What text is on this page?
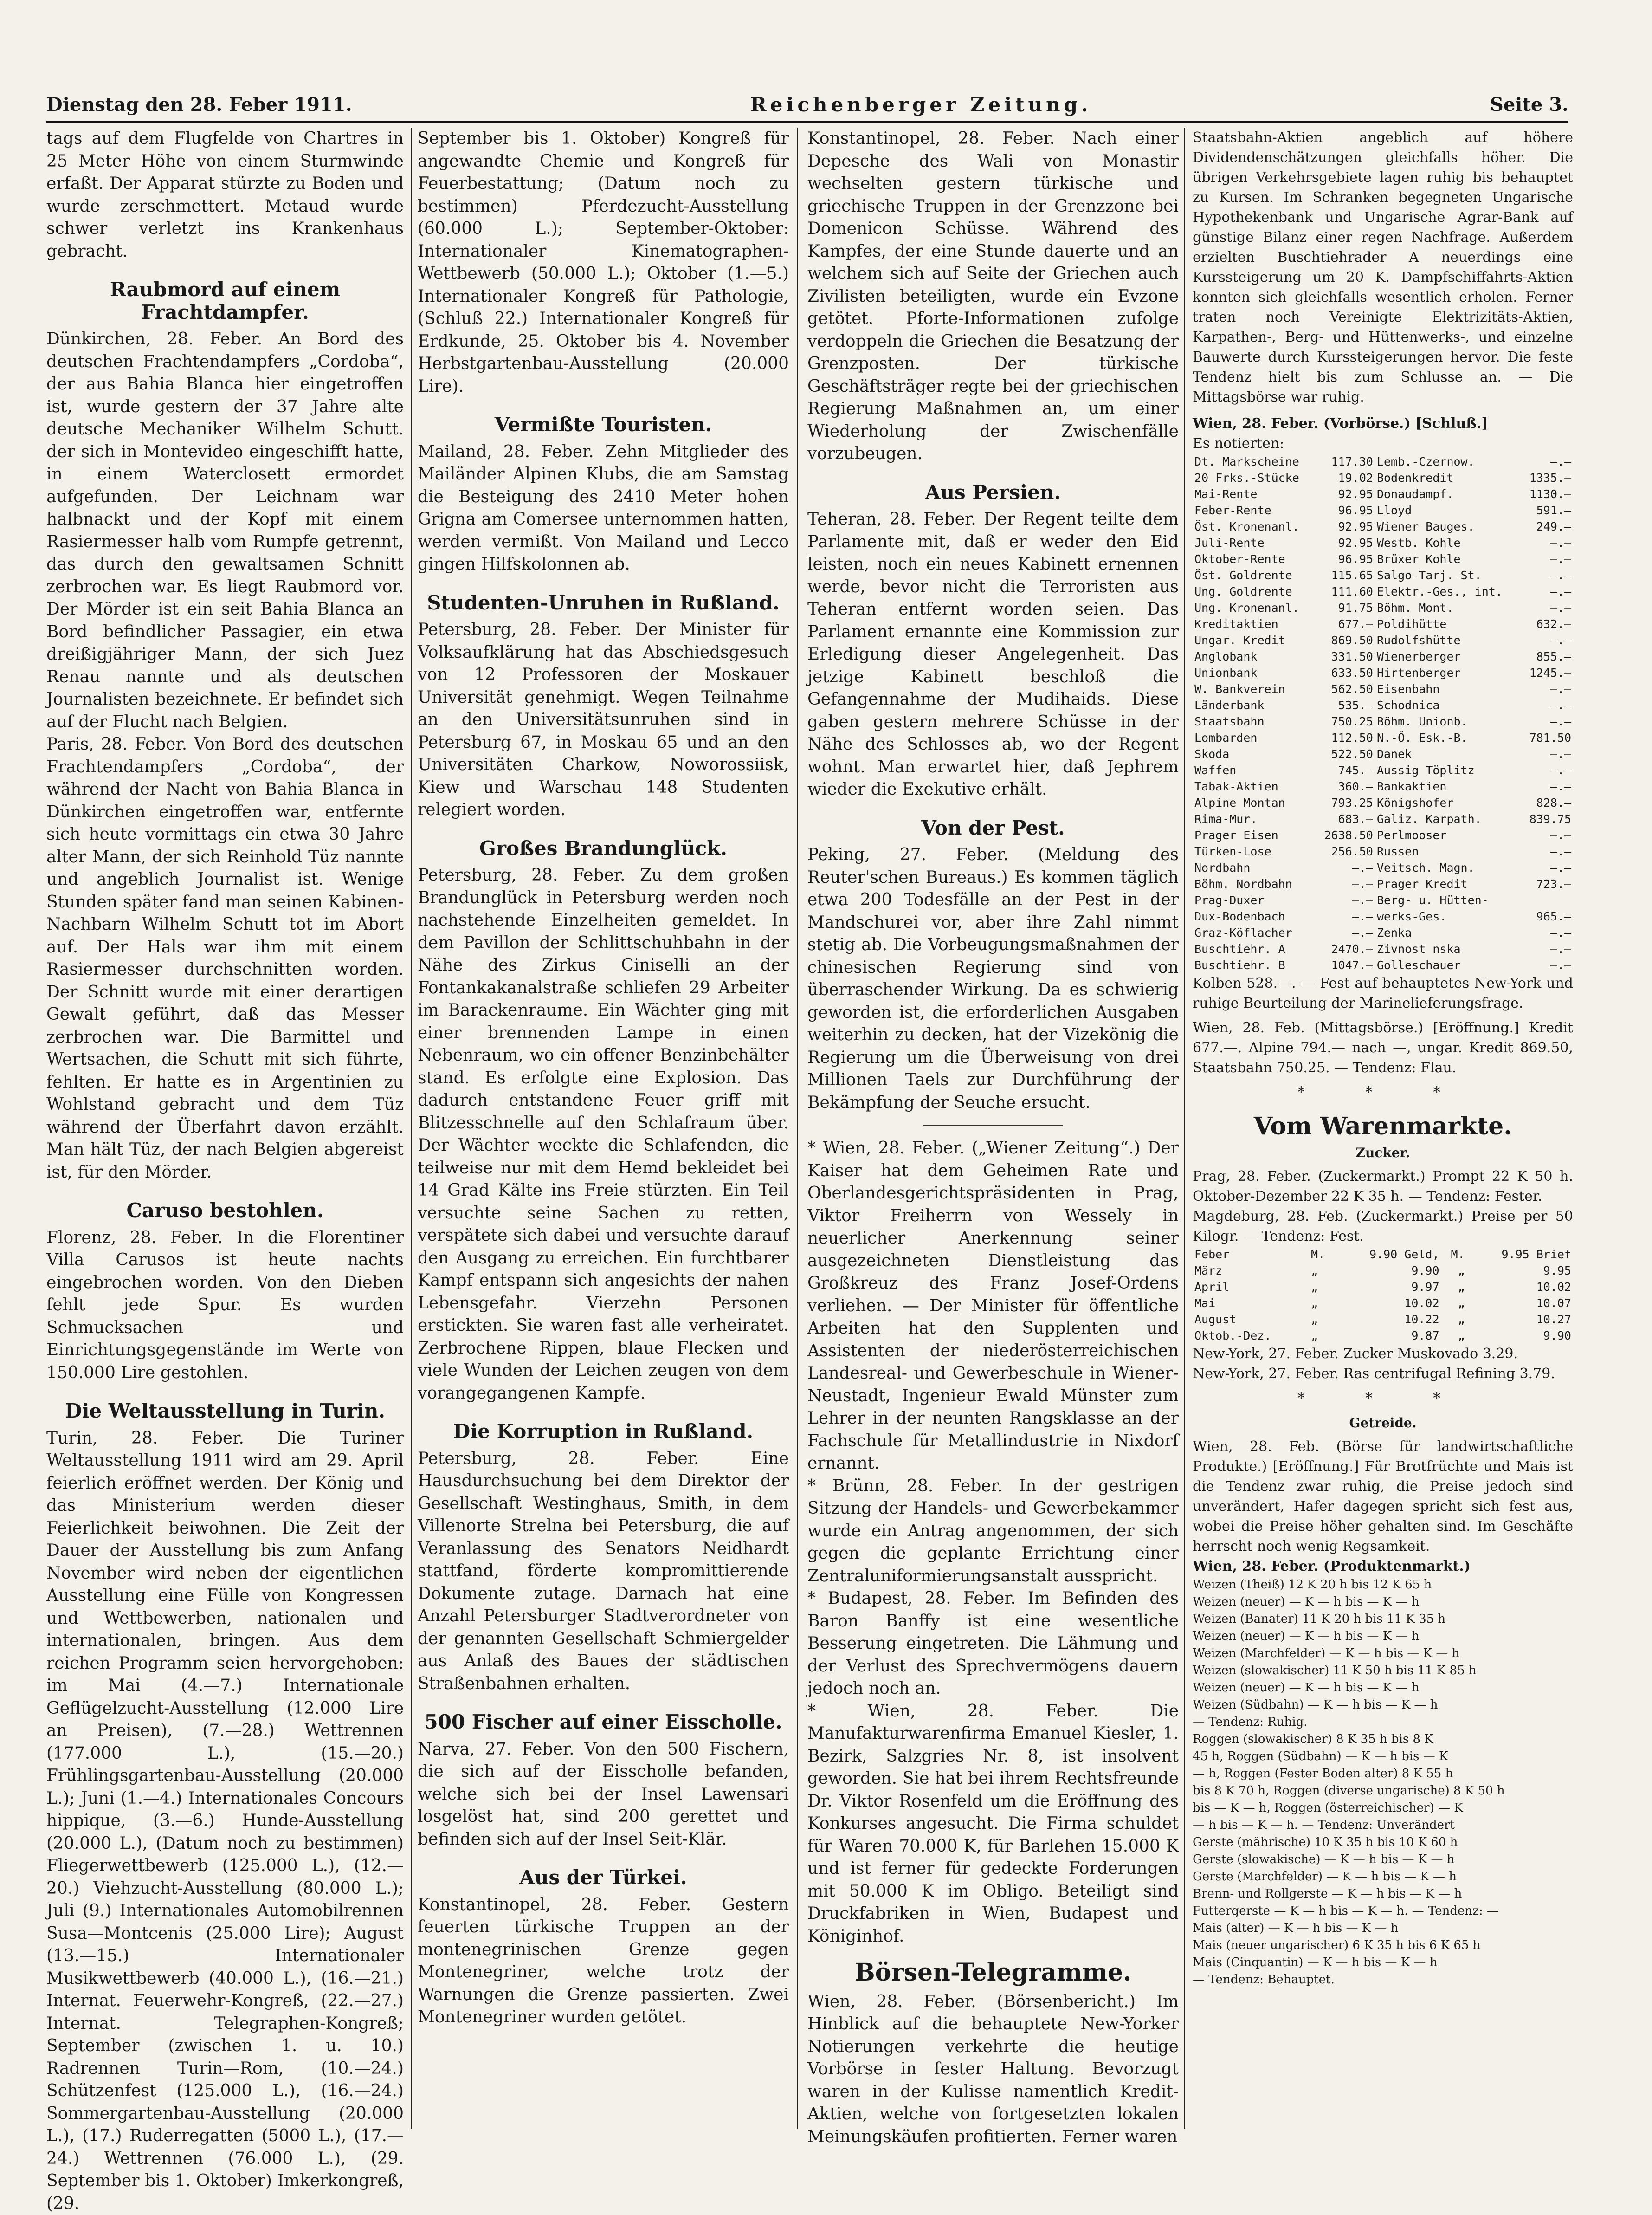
Dienstag den 28. Feber 1911.	Reichenberger Zeitung.	Seite 3.

tags auf dem Flugfelde von Chartres in 25 Meter Höhe von einem Sturmwinde erfaßt. Der Apparat stürzte zu Boden und wurde zerschmettert. Metaud wurde schwer verletzt ins Krankenhaus gebracht.

Raubmord auf einem Frachtdampfer.

Dünkirchen, 28. Feber. An Bord des deutschen Frachtendampfers „Cordoba“, der aus Bahia Blanca hier eingetroffen ist, wurde gestern der 37 Jahre alte deutsche Mechaniker Wilhelm Schutt. der sich in Montevideo eingeschifft hatte, in einem Waterclosett ermordet aufgefunden. Der Leichnam war halbnackt und der Kopf mit einem Rasiermesser halb vom Rumpfe getrennt, das durch den gewaltsamen Schnitt zerbrochen war. Es liegt Raubmord vor. Der Mörder ist ein seit Bahia Blanca an Bord befindlicher Passagier, ein etwa dreißigjähriger Mann, der sich Juez Renau nannte und als deutschen Journalisten bezeichnete. Er befindet sich auf der Flucht nach Belgien.

Paris, 28. Feber. Von Bord des deutschen Frachtendampfers „Cordoba“, der während der Nacht von Bahia Blanca in Dünkirchen eingetroffen war, entfernte sich heute vormittags ein etwa 30 Jahre alter Mann, der sich Reinhold Tüz nannte und angeblich Journalist ist. Wenige Stunden später fand man seinen Kabinen-Nachbarn Wilhelm Schutt tot im Abort auf. Der Hals war ihm mit einem Rasiermesser durchschnitten worden. Der Schnitt wurde mit einer derartigen Gewalt geführt, daß das Messer zerbrochen war. Die Barmittel und Wertsachen, die Schutt mit sich führte, fehlten. Er hatte es in Argentinien zu Wohlstand gebracht und dem Tüz während der Überfahrt davon erzählt. Man hält Tüz, der nach Belgien abgereist ist, für den Mörder.

Caruso bestohlen.

Florenz, 28. Feber. In die Florentiner Villa Carusos ist heute nachts eingebrochen worden. Von den Dieben fehlt jede Spur. Es wurden Schmucksachen und Einrichtungsgegenstände im Werte von 150.000 Lire gestohlen.

Die Weltausstellung in Turin.

Turin, 28. Feber. Die Turiner Weltausstellung 1911 wird am 29. April feierlich eröffnet werden. Der König und das Ministerium werden dieser Feierlichkeit beiwohnen. Die Zeit der Dauer der Ausstellung bis zum Anfang November wird neben der eigentlichen Ausstellung eine Fülle von Kongressen und Wettbewerben, nationalen und internationalen, bringen. Aus dem reichen Programm seien hervorgehoben: im Mai (4.—7.) Internationale Geflügelzucht-Ausstellung (12.000 Lire an Preisen), (7.—28.) Wettrennen (177.000 L.), (15.—20.) Frühlingsgartenbau-Ausstellung (20.000 L.); Juni (1.—4.) Internationales Concours hippique, (3.—6.) Hunde-Ausstellung (20.000 L.), (Datum noch zu bestimmen) Fliegerwettbewerb (125.000 L.), (12.—20.) Viehzucht-Ausstellung (80.000 L.); Juli (9.) Internationales Automobilrennen Susa—Montcenis (25.000 Lire); August (13.—15.) Internationaler Musikwettbewerb (40.000 L.), (16.—21.) Internat. Feuerwehr-Kongreß, (22.—27.) Internat. Telegraphen-Kongreß; September (zwischen 1. u. 10.) Radrennen Turin—Rom, (10.—24.) Schützenfest (125.000 L.), (16.—24.) Sommergartenbau-Ausstellung (20.000 L.), (17.) Ruderregatten (5000 L.), (17.—24.) Wettrennen (76.000 L.), (29. September bis 1. Oktober) Imkerkongreß, (29.

September bis 1. Oktober) Kongreß für angewandte Chemie und Kongreß für Feuerbestattung; (Datum noch zu bestimmen) Pferdezucht-Ausstellung (60.000 L.); September-Oktober: Internationaler Kinematographen-Wettbewerb (50.000 L.); Oktober (1.—5.) Internationaler Kongreß für Pathologie, (Schluß 22.) Internationaler Kongreß für Erdkunde, 25. Oktober bis 4. November Herbstgartenbau-Ausstellung (20.000 Lire).

Vermißte Touristen.

Mailand, 28. Feber. Zehn Mitglieder des Mailänder Alpinen Klubs, die am Samstag die Besteigung des 2410 Meter hohen Grigna am Comersee unternommen hatten, werden vermißt. Von Mailand und Lecco gingen Hilfskolonnen ab.

Studenten-Unruhen in Rußland.

Petersburg, 28. Feber. Der Minister für Volksaufklärung hat das Abschiedsgesuch von 12 Professoren der Moskauer Universität genehmigt. Wegen Teilnahme an den Universitätsunruhen sind in Petersburg 67, in Moskau 65 und an den Universitäten Charkow, Noworossiisk, Kiew und Warschau 148 Studenten relegiert worden.

Großes Brandunglück.

Petersburg, 28. Feber. Zu dem großen Brandunglück in Petersburg werden noch nachstehende Einzelheiten gemeldet. In dem Pavillon der Schlittschuhbahn in der Nähe des Zirkus Ciniselli an der Fontankakanalstraße schliefen 29 Arbeiter im Barackenraume. Ein Wächter ging mit einer brennenden Lampe in einen Nebenraum, wo ein offener Benzinbehälter stand. Es erfolgte eine Explosion. Das dadurch entstandene Feuer griff mit Blitzesschnelle auf den Schlafraum über. Der Wächter weckte die Schlafenden, die teilweise nur mit dem Hemd bekleidet bei 14 Grad Kälte ins Freie stürzten. Ein Teil versuchte seine Sachen zu retten, verspätete sich dabei und versuchte darauf den Ausgang zu erreichen. Ein furchtbarer Kampf entspann sich angesichts der nahen Lebensgefahr. Vierzehn Personen erstickten. Sie waren fast alle verheiratet. Zerbrochene Rippen, blaue Flecken und viele Wunden der Leichen zeugen von dem vorangegangenen Kampfe.

Die Korruption in Rußland.

Petersburg, 28. Feber. Eine Hausdurchsuchung bei dem Direktor der Gesellschaft Westinghaus, Smith, in dem Villenorte Strelna bei Petersburg, die auf Veranlassung des Senators Neidhardt stattfand, förderte kompromittierende Dokumente zutage. Darnach hat eine Anzahl Petersburger Stadtverordneter von der genannten Gesellschaft Schmiergelder aus Anlaß des Baues der städtischen Straßenbahnen erhalten.

500 Fischer auf einer Eisscholle.

Narva, 27. Feber. Von den 500 Fischern, die sich auf der Eisscholle befanden, welche sich bei der Insel Lawensari losgelöst hat, sind 200 gerettet und befinden sich auf der Insel Seit-Klär.

Aus der Türkei.

Konstantinopel, 28. Feber. Gestern feuerten türkische Truppen an der montenegrinischen Grenze gegen Montenegriner, welche trotz der Warnungen die Grenze passierten. Zwei Montenegriner wurden getötet.

Konstantinopel, 28. Feber. Nach einer Depesche des Wali von Monastir wechselten gestern türkische und griechische Truppen in der Grenzzone bei Domenicon Schüsse. Während des Kampfes, der eine Stunde dauerte und an welchem sich auf Seite der Griechen auch Zivilisten beteiligten, wurde ein Evzone getötet. Pforte-Informationen zufolge verdoppeln die Griechen die Besatzung der Grenzposten. Der türkische Geschäftsträger regte bei der griechischen Regierung Maßnahmen an, um einer Wiederholung der Zwischenfälle vorzubeugen.

Aus Persien.

Teheran, 28. Feber. Der Regent teilte dem Parlamente mit, daß er weder den Eid leisten, noch ein neues Kabinett ernennen werde, bevor nicht die Terroristen aus Teheran entfernt worden seien. Das Parlament ernannte eine Kommission zur Erledigung dieser Angelegenheit. Das jetzige Kabinett beschloß die Gefangennahme der Mudihaids. Diese gaben gestern mehrere Schüsse in der Nähe des Schlosses ab, wo der Regent wohnt. Man erwartet hier, daß Jephrem wieder die Exekutive erhält.

Von der Pest.

Peking, 27. Feber. (Meldung des Reuter'schen Bureaus.) Es kommen täglich etwa 200 Todesfälle an der Pest in der Mandschurei vor, aber ihre Zahl nimmt stetig ab. Die Vorbeugungsmaßnahmen der chinesischen Regierung sind von überraschender Wirkung. Da es schwierig geworden ist, die erforderlichen Ausgaben weiterhin zu decken, hat der Vizekönig die Regierung um die Überweisung von drei Millionen Taels zur Durchführung der Bekämpfung der Seuche ersucht.

* Wien, 28. Feber. („Wiener Zeitung“.) Der Kaiser hat dem Geheimen Rate und Oberlandesgerichtspräsidenten in Prag, Viktor Freiherrn von Wessely in neuerlicher Anerkennung seiner ausgezeichneten Dienstleistung das Großkreuz des Franz Josef-Ordens verliehen. — Der Minister für öffentliche Arbeiten hat den Supplenten und Assistenten der niederösterreichischen Landesreal- und Gewerbeschule in Wiener-Neustadt, Ingenieur Ewald Münster zum Lehrer in der neunten Rangsklasse an der Fachschule für Metallindustrie in Nixdorf ernannt.

* Brünn, 28. Feber. In der gestrigen Sitzung der Handels- und Gewerbekammer wurde ein Antrag angenommen, der sich gegen die geplante Errichtung einer Zentraluniformierungsanstalt ausspricht.

* Budapest, 28. Feber. Im Befinden des Baron Banffy ist eine wesentliche Besserung eingetreten. Die Lähmung und der Verlust des Sprechvermögens dauern jedoch noch an.

* Wien, 28. Feber. Die Manufakturwarenfirma Emanuel Kiesler, 1. Bezirk, Salzgries Nr. 8, ist insolvent geworden. Sie hat bei ihrem Rechtsfreunde Dr. Viktor Rosenfeld um die Eröffnung des Konkurses angesucht. Die Firma schuldet für Waren 70.000 K, für Barlehen 15.000 K und ist ferner für gedeckte Forderungen mit 50.000 K im Obligo. Beteiligt sind Druckfabriken in Wien, Budapest und Königinhof.

Börsen-Telegramme.

Wien, 28. Feber. (Börsenbericht.) Im Hinblick auf die behauptete New-Yorker Notierungen verkehrte die heutige Vorbörse in fester Haltung. Bevorzugt waren in der Kulisse namentlich Kredit-Aktien, welche von fortgesetzten lokalen Meinungskäufen profitierten. Ferner waren

Staatsbahn-Aktien angeblich auf höhere Dividendenschätzungen gleichfalls höher. Die übrigen Verkehrsgebiete lagen ruhig bis behauptet zu Kursen. Im Schranken begegneten Ungarische Hypothekenbank und Ungarische Agrar-Bank auf günstige Bilanz einer regen Nachfrage. Außerdem erzielten Buschtiehrader A neuerdings eine Kurssteigerung um 20 K. Dampfschiffahrts-Aktien konnten sich gleichfalls wesentlich erholen. Ferner traten noch Vereinigte Elektrizitäts-Aktien, Karpathen-, Berg- und Hüttenwerks-, und einzelne Bauwerte durch Kurssteigerungen hervor. Die feste Tendenz hielt bis zum Schlusse an. — Die Mittagsbörse war ruhig.

Wien, 28. Feber. (Vorbörse.) [Schluß.]
Es notierten:
Dt. Markscheine	117.30	Lemb.-Czernow.	—.—
20 Frks.-Stücke	19.02	Bodenkredit	1335.—
Mai-Rente	92.95	Donaudampf.	1130.—
Feber-Rente	96.95	Lloyd	591.—
Öst. Kronenanl.	92.95	Wiener Bauges.	249.—
Juli-Rente	92.95	Westb. Kohle	—.—
Oktober-Rente	96.95	Brüxer Kohle	—.—
Öst. Goldrente	115.65	Salgo-Tarj.-St.	—.—
Ung. Goldrente	111.60	Elektr.-Ges., int.	—.—
Ung. Kronenanl.	91.75	Böhm. Mont.	—.—
Kreditaktien	677.—	Poldihütte	632.—
Ungar. Kredit	869.50	Rudolfshütte	—.—
Anglobank	331.50	Wienerberger	855.—
Unionbank	633.50	Hirtenberger	1245.—
W. Bankverein	562.50	Eisenbahn	—.—
Länderbank	535.—	Schodnica	—.—
Staatsbahn	750.25	Böhm. Unionb.	—.—
Lombarden	112.50	N.-Ö. Esk.-B.	781.50
Skoda	522.50	Danek	—.—
Waffen	745.—	Aussig Töplitz	—.—
Tabak-Aktien	360.—	Bankaktien	—.—
Alpine Montan	793.25	Königshofer	828.—
Rima-Mur.	683.—	Galiz. Karpath.	839.75
Prager Eisen	2638.50	Perlmooser	—.—
Türken-Lose	256.50	Russen	—.—
Nordbahn	—.—	Veitsch. Magn.	—.—
Böhm. Nordbahn	—.—	Prager Kredit	723.—
Prag-Duxer	—.—	Berg- u. Hütten-	
Dux-Bodenbach	—.—	werks-Ges.	965.—
Graz-Köflacher	—.—	Zenka	—.—
Buschtiehr. A	2470.—	Zivnost nska	—.—
Buschtiehr. B	1047.—	Golleschauer	—.—

Kolben 528.—. — Fest auf behauptetes New-York und ruhige Beurteilung der Marinelieferungsfrage.

Wien, 28. Feb. (Mittagsbörse.) [Eröffnung.] Kredit 677.—. Alpine 794.— nach —, ungar. Kredit 869.50, Staatsbahn 750.25. — Tendenz: Flau.

* * *
Vom Warenmarkte.
Zucker.

Prag, 28. Feber. (Zuckermarkt.) Prompt 22 K 50 h. Oktober-Dezember 22 K 35 h. — Tendenz: Fester.

Magdeburg, 28. Feb. (Zuckermarkt.) Preise per 50 Kilogr. — Tendenz: Fest.

Feber	M.	9.90 Geld,	M.	9.95 Brief
März	„	9.90	„	9.95
April	„	9.97	„	10.02
Mai	„	10.02	„	10.07
August	„	10.22	„	10.27
Oktob.-Dez.	„	9.87	„	9.90

New-York, 27. Feber. Zucker Muskovado 3.29.

New-York, 27. Feber. Ras centrifugal Refining 3.79.

* * *
Getreide.

Wien, 28. Feb. (Börse für landwirtschaftliche Produkte.) [Eröffnung.] Für Brotfrüchte und Mais ist die Tendenz zwar ruhig, die Preise jedoch sind unverändert, Hafer dagegen spricht sich fest aus, wobei die Preise höher gehalten sind. Im Geschäfte herrscht noch wenig Regsamkeit.

Wien, 28. Feber. (Produktenmarkt.)
Weizen (Theiß) 12 K 20 h bis 12 K 65 h
Weizen (neuer) — K — h bis — K — h
Weizen (Banater) 11 K 20 h bis 11 K 35 h
Weizen (neuer) — K — h bis — K — h
Weizen (Marchfelder) — K — h bis — K — h
Weizen (slowakischer) 11 K 50 h bis 11 K 85 h
Weizen (neuer) — K — h bis — K — h
Weizen (Südbahn) — K — h bis — K — h
— Tendenz: Ruhig.
Roggen (slowakischer) 8 K 35 h bis 8 K
45 h, Roggen (Südbahn) — K — h bis — K
— h, Roggen (Fester Boden alter) 8 K 55 h
bis 8 K 70 h, Roggen (diverse ungarische) 8 K 50 h
bis — K — h, Roggen (österreichischer) — K
— h bis — K — h. — Tendenz: Unverändert
Gerste (mährische) 10 K 35 h bis 10 K 60 h
Gerste (slowakische) — K — h bis — K — h
Gerste (Marchfelder) — K — h bis — K — h
Brenn- und Rollgerste — K — h bis — K — h
Futtergerste — K — h bis — K — h. — Tendenz: —
Mais (alter) — K — h bis — K — h
Mais (neuer ungarischer) 6 K 35 h bis 6 K 65 h
Mais (Cinquantin) — K — h bis — K — h
— Tendenz: Behauptet.
